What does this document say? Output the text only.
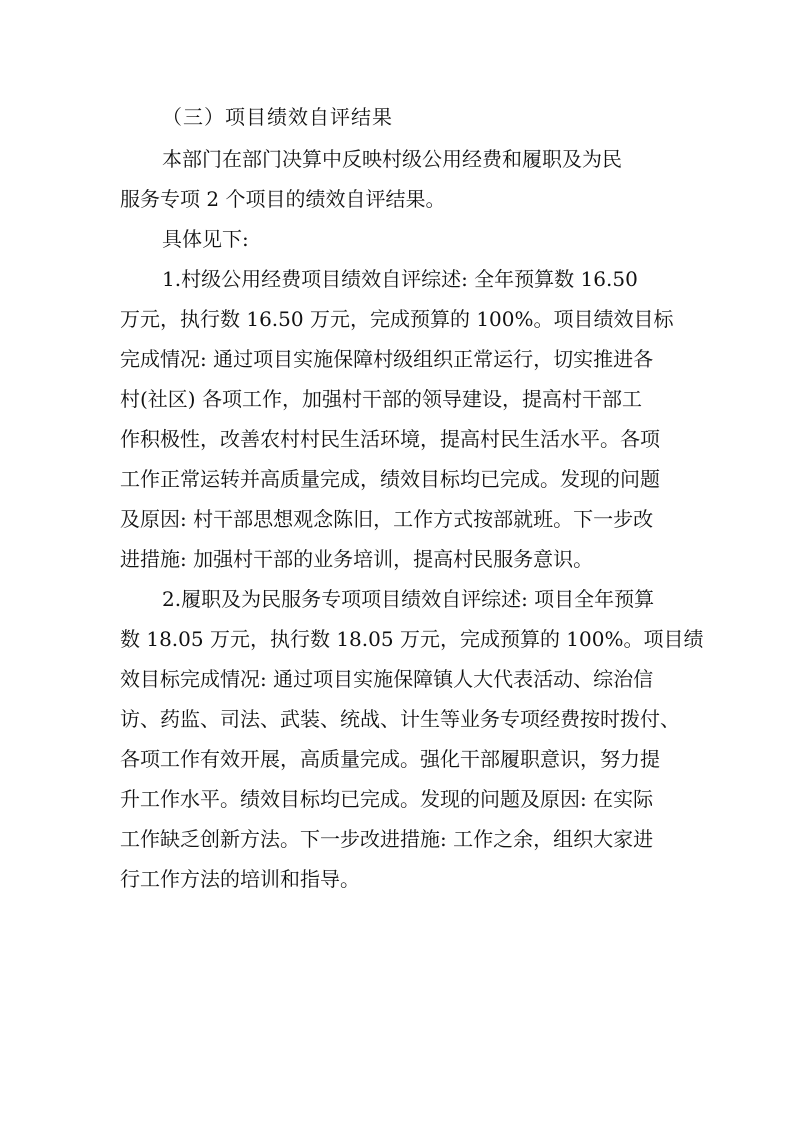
（三）项目绩效自评结果
本部门在部门决算中反映村级公用经费和履职及为民
服务专项 2 个项目的绩效自评结果。
具体见下:
1.村级公用经费项目绩效自评综述: 全年预算数 16.50
万元，执行数 16.50 万元，完成预算的 100%。项目绩效目标
完成情况: 通过项目实施保障村级组织正常运行，切实推进各
村(社区) 各项工作，加强村干部的领导建设，提高村干部工
作积极性，改善农村村民生活环境，提高村民生活水平。各项
工作正常运转并高质量完成，绩效目标均已完成。发现的问题
及原因: 村干部思想观念陈旧，工作方式按部就班。下一步改
进措施: 加强村干部的业务培训，提高村民服务意识。
2.履职及为民服务专项项目绩效自评综述: 项目全年预算
数 18.05 万元，执行数 18.05 万元，完成预算的 100%。项目绩
效目标完成情况: 通过项目实施保障镇人大代表活动、综治信
访、药监、司法、武装、统战、计生等业务专项经费按时拨付、
各项工作有效开展，高质量完成。强化干部履职意识，努力提
升工作水平。绩效目标均已完成。发现的问题及原因: 在实际
工作缺乏创新方法。下一步改进措施: 工作之余，组织大家进
行工作方法的培训和指导。
